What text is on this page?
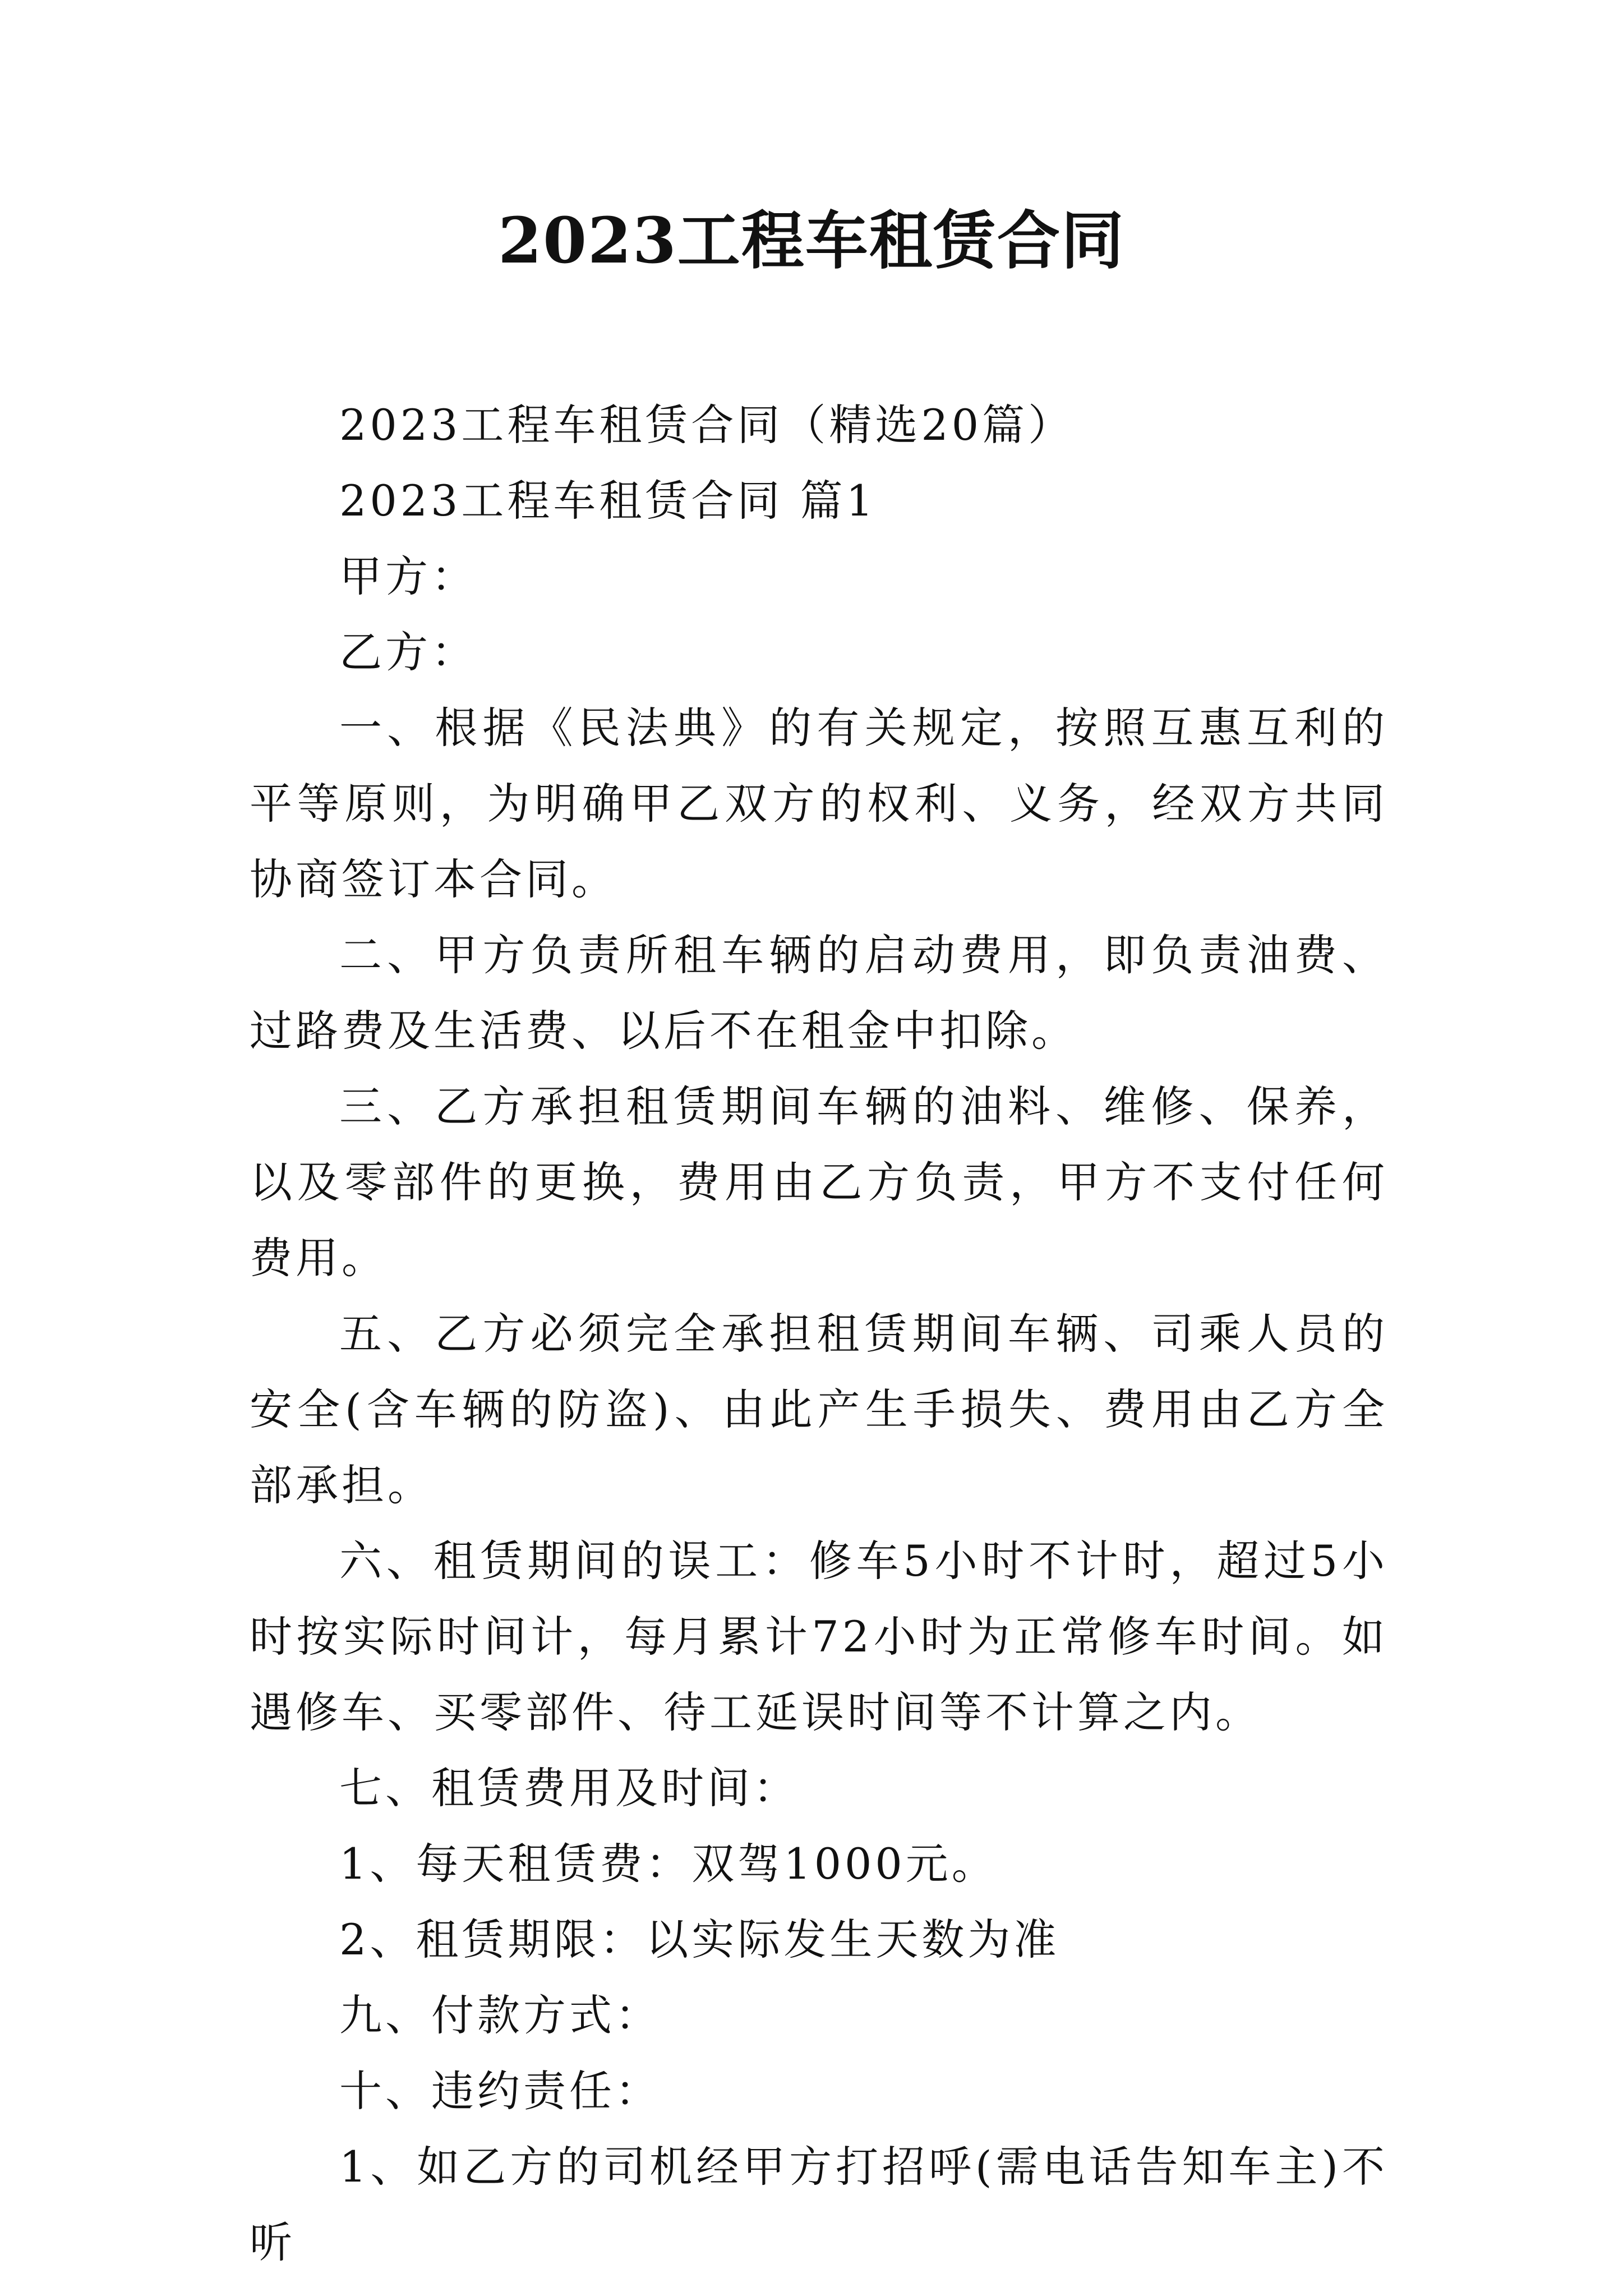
2023工程车租赁合同

2023工程车租赁合同（精选20篇）

2023工程车租赁合同 篇1

甲方：

乙方：

一、根据《民法典》的有关规定，按照互惠互利的平等原则，为明确甲乙双方的权利、义务，经双方共同协商签订本合同。

二、甲方负责所租车辆的启动费用，即负责油费、过路费及生活费、以后不在租金中扣除。

三、乙方承担租赁期间车辆的油料、维修、保养，以及零部件的更换，费用由乙方负责，甲方不支付任何费用。

五、乙方必须完全承担租赁期间车辆、司乘人员的安全(含车辆的防盗)、由此产生手损失、费用由乙方全部承担。

六、租赁期间的误工：修车5小时不计时，超过5小时按实际时间计，每月累计72小时为正常修车时间。如遇修车、买零部件、待工延误时间等不计算之内。

七、租赁费用及时间：

1、每天租赁费：双驾1000元。

2、租赁期限：以实际发生天数为准

九、付款方式：

十、违约责任：

1、如乙方的司机经甲方打招呼(需电话告知车主)不听
